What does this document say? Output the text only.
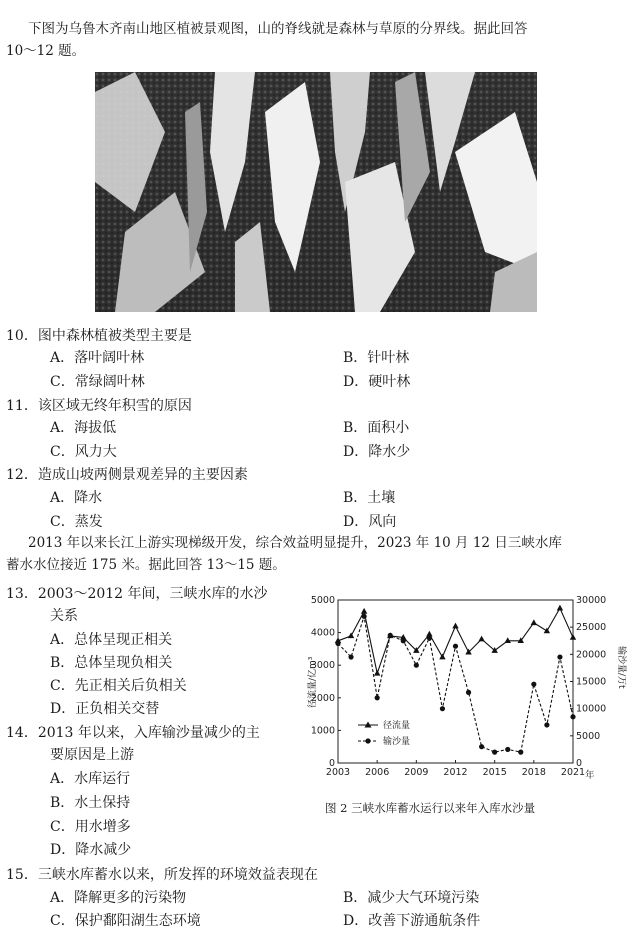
下图为乌鲁木齐南山地区植被景观图，山的脊线就是森林与草原的分界线。据此回答
10～12 题。
10．图中森林植被类型主要是
A．落叶阔叶林	B．针叶林
C．常绿阔叶林	D．硬叶林
11．该区域无终年积雪的原因
A．海拔低	B．面积小
C．风力大	D．降水少
12．造成山坡两侧景观差异的主要因素
A．降水	B．土壤
C．蒸发	D．风向
2013 年以来长江上游实现梯级开发，综合效益明显提升，2023 年 10 月 12 日三峡水库
蓄水水位接近 175 米。据此回答 13～15 题。
13．2003～2012 年间，三峡水库的水沙
关系
A．总体呈现正相关
B．总体呈现负相关
C．先正相关后负相关
D．正负相关交替
14．2013 年以来，入库输沙量减少的主
要原因是上游
A．水库运行
B．水土保持
C．用水增多
D．降水减少
15．三峡水库蓄水以来，所发挥的环境效益表现在
A．降解更多的污染物	B．减少大气环境污染
C．保护鄱阳湖生态环境	D．改善下游通航条件
0
1000
2000
3000
4000
5000
0
5000
10000
15000
20000
25000
30000
2003 2006 2009 2012 2015 2018 2021
径流量/亿m³	输沙量/万t
年
径流量
输沙量
图 2 三峡水库蓄水运行以来年入库水沙量
